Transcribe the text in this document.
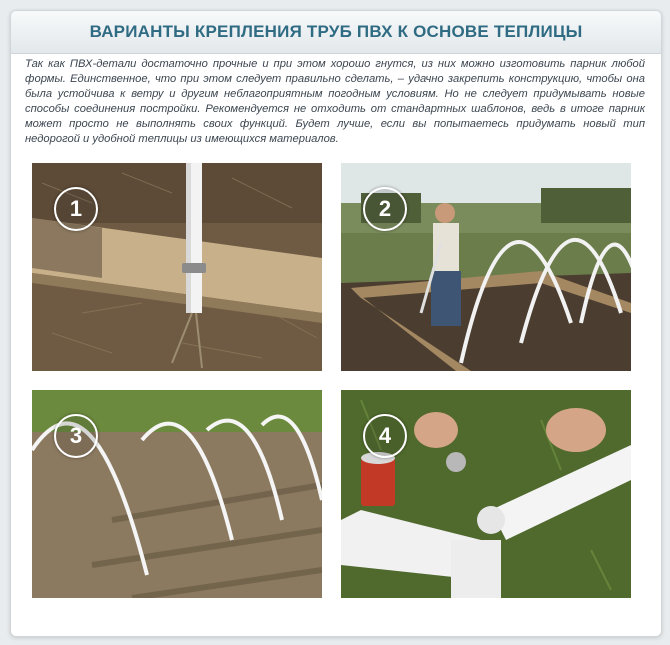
ВАРИАНТЫ КРЕПЛЕНИЯ ТРУБ ПВХ К ОСНОВЕ ТЕПЛИЦЫ
Так как ПВХ-детали достаточно прочные и при этом хорошо гнутся, из них можно изготовить парник любой формы. Единственное, что при этом следует правильно сделать, – удачно закрепить конструкцию, чтобы она была устойчива к ветру и другим неблагоприятным погодным условиям. Но не следует придумывать новые способы соединения постройки. Рекомендуется не отходить от стандартных шаблонов, ведь в итоге парник может просто не выполнять своих функций. Будет лучше, если вы попытаетесь придумать новый тип недорогой и удобной теплицы из имеющихся материалов.
1	2
3	4
